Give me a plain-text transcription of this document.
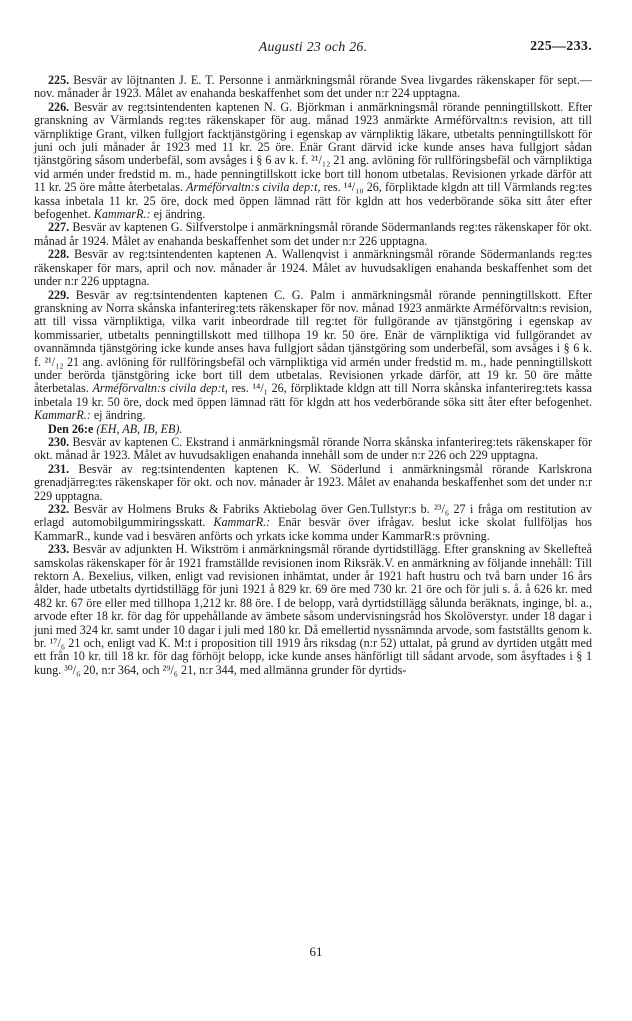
Augusti 23 och 26.	225—233.

225. Besvär av löjtnanten J. E. T. Personne i anmärkningsmål rörande Svea livgardes räkenskaper för sept.—nov. månader år 1923. Målet av enahanda beskaffenhet som det under n:r 224 upptagna.

226. Besvär av reg:tsintendenten kaptenen N. G. Björkman i anmärkningsmål rörande penningtillskott. Efter granskning av Värmlands reg:tes räkenskaper för aug. månad 1923 anmärkte Arméförvaltn:s revision, att till värnpliktige Grant, vilken fullgjort facktjänstgöring i egenskap av värnpliktig läkare, utbetalts penningtillskott för juni och juli månader år 1923 med 11 kr. 25 öre. Enär Grant därvid icke kunde anses hava fullgjort sådan tjänstgöring såsom underbefäl, som avsåges i § 6 av k. f. ²¹/₁₂ 21 ang. avlöning för rullföringsbefäl och värnpliktiga vid armén under fredstid m. m., hade penningtillskott icke bort till honom utbetalas. Revisionen yrkade därför att 11 kr. 25 öre måtte återbetalas. Arméförvaltn:s civila dep:t, res. ¹⁴/₁₀ 26, förpliktade klgdn att till Värmlands reg:tes kassa inbetala 11 kr. 25 öre, dock med öppen lämnad rätt för kgldn att hos vederbörande söka sitt åter efter befogenhet. KammarR.: ej ändring.

227. Besvär av kaptenen G. Silfverstolpe i anmärkningsmål rörande Södermanlands reg:tes räkenskaper för okt. månad år 1924. Målet av enahanda beskaffenhet som det under n:r 226 upptagna.

228. Besvär av reg:tsintendenten kaptenen A. Wallenqvist i anmärkningsmål rörande Södermanlands reg:tes räkenskaper för mars, april och nov. månader år 1924. Målet av huvudsakligen enahanda beskaffenhet som det under n:r 226 upptagna.

229. Besvär av reg:tsintendenten kaptenen C. G. Palm i anmärkningsmål rörande penningtillskott. Efter granskning av Norra skånska infanterireg:tets räkenskaper för nov. månad 1923 anmärkte Arméförvaltn:s revision, att till vissa värnpliktiga, vilka varit inbeordrade till reg:tet för fullgörande av tjänstgöring i egenskap av kommissarier, utbetalts penningtillskott med tillhopa 19 kr. 50 öre. Enär de värnpliktiga vid fullgörandet av ovannämnda tjänstgöring icke kunde anses hava fullgjort sådan tjänstgöring som underbefäl, som avsåges i § 6 k. f. ²¹/₁₂ 21 ang. avlöning för rullföringsbefäl och värnpliktiga vid armén under fredstid m. m., hade penningtillskott under berörda tjänstgöring icke bort till dem utbetalas. Revisionen yrkade därför, att 19 kr. 50 öre måtte återbetalas. Arméförvaltn:s civila dep:t, res. ¹⁴/₁ 26, förpliktade kldgn att till Norra skånska infanterireg:tets kassa inbetala 19 kr. 50 öre, dock med öppen lämnad rätt för klgdn att hos vederbörande söka sitt åter efter befogenhet. KammarR.: ej ändring.

Den 26:e (EH, AB, IB, EB).

230. Besvär av kaptenen C. Ekstrand i anmärkningsmål rörande Norra skånska infanterireg:tets räkenskaper för okt. månad år 1923. Målet av huvudsakligen enahanda innehåll som de under n:r 226 och 229 upptagna.

231. Besvär av reg:tsintendenten kaptenen K. W. Söderlund i anmärkningsmål rörande Karlskrona grenadjärreg:tes räkenskaper för okt. och nov. månader år 1923. Målet av enahanda beskaffenhet som det under n:r 229 upptagna.

232. Besvär av Holmens Bruks & Fabriks Aktiebolag över Gen.Tullstyr:s b. ²³/₆ 27 i fråga om restitution av erlagd automobilgummiringsskatt. KammarR.: Enär besvär över ifrågav. beslut icke skolat fullföljas hos KammarR., kunde vad i besvären anförts och yrkats icke komma under KammarR:s prövning.

233. Besvär av adjunkten H. Wikström i anmärkningsmål rörande dyrtidstillägg. Efter granskning av Skellefteå samskolas räkenskaper för år 1921 framställde revisionen inom Riksräk.V. en anmärkning av följande innehåll: Till rektorn A. Bexelius, vilken, enligt vad revisionen inhämtat, under år 1921 haft hustru och två barn under 16 års ålder, hade utbetalts dyrtidstillägg för juni 1921 å 829 kr. 69 öre med 730 kr. 21 öre och för juli s. å. å 626 kr. med 482 kr. 67 öre eller med tillhopa 1,212 kr. 88 öre. I de belopp, varå dyrtidstillägg sålunda beräknats, inginge, bl. a., arvode efter 18 kr. för dag för uppehållande av ämbete såsom undervisningsråd hos Skolöverstyr. under 18 dagar i juni med 324 kr. samt under 10 dagar i juli med 180 kr. Då emellertid nyssnämnda arvode, som fastställts genom k. br. ¹⁷/₆ 21 och, enligt vad K. M:t i proposition till 1919 års riksdag (n:r 52) uttalat, på grund av dyrtiden utgått med ett från 10 kr. till 18 kr. för dag förhöjt belopp, icke kunde anses hänförligt till sådant arvode, som åsyftades i § 1 kung. ³⁰/₆ 20, n:r 364, och ²⁹/₆ 21, n:r 344, med allmänna grunder för dyrtids-

61
